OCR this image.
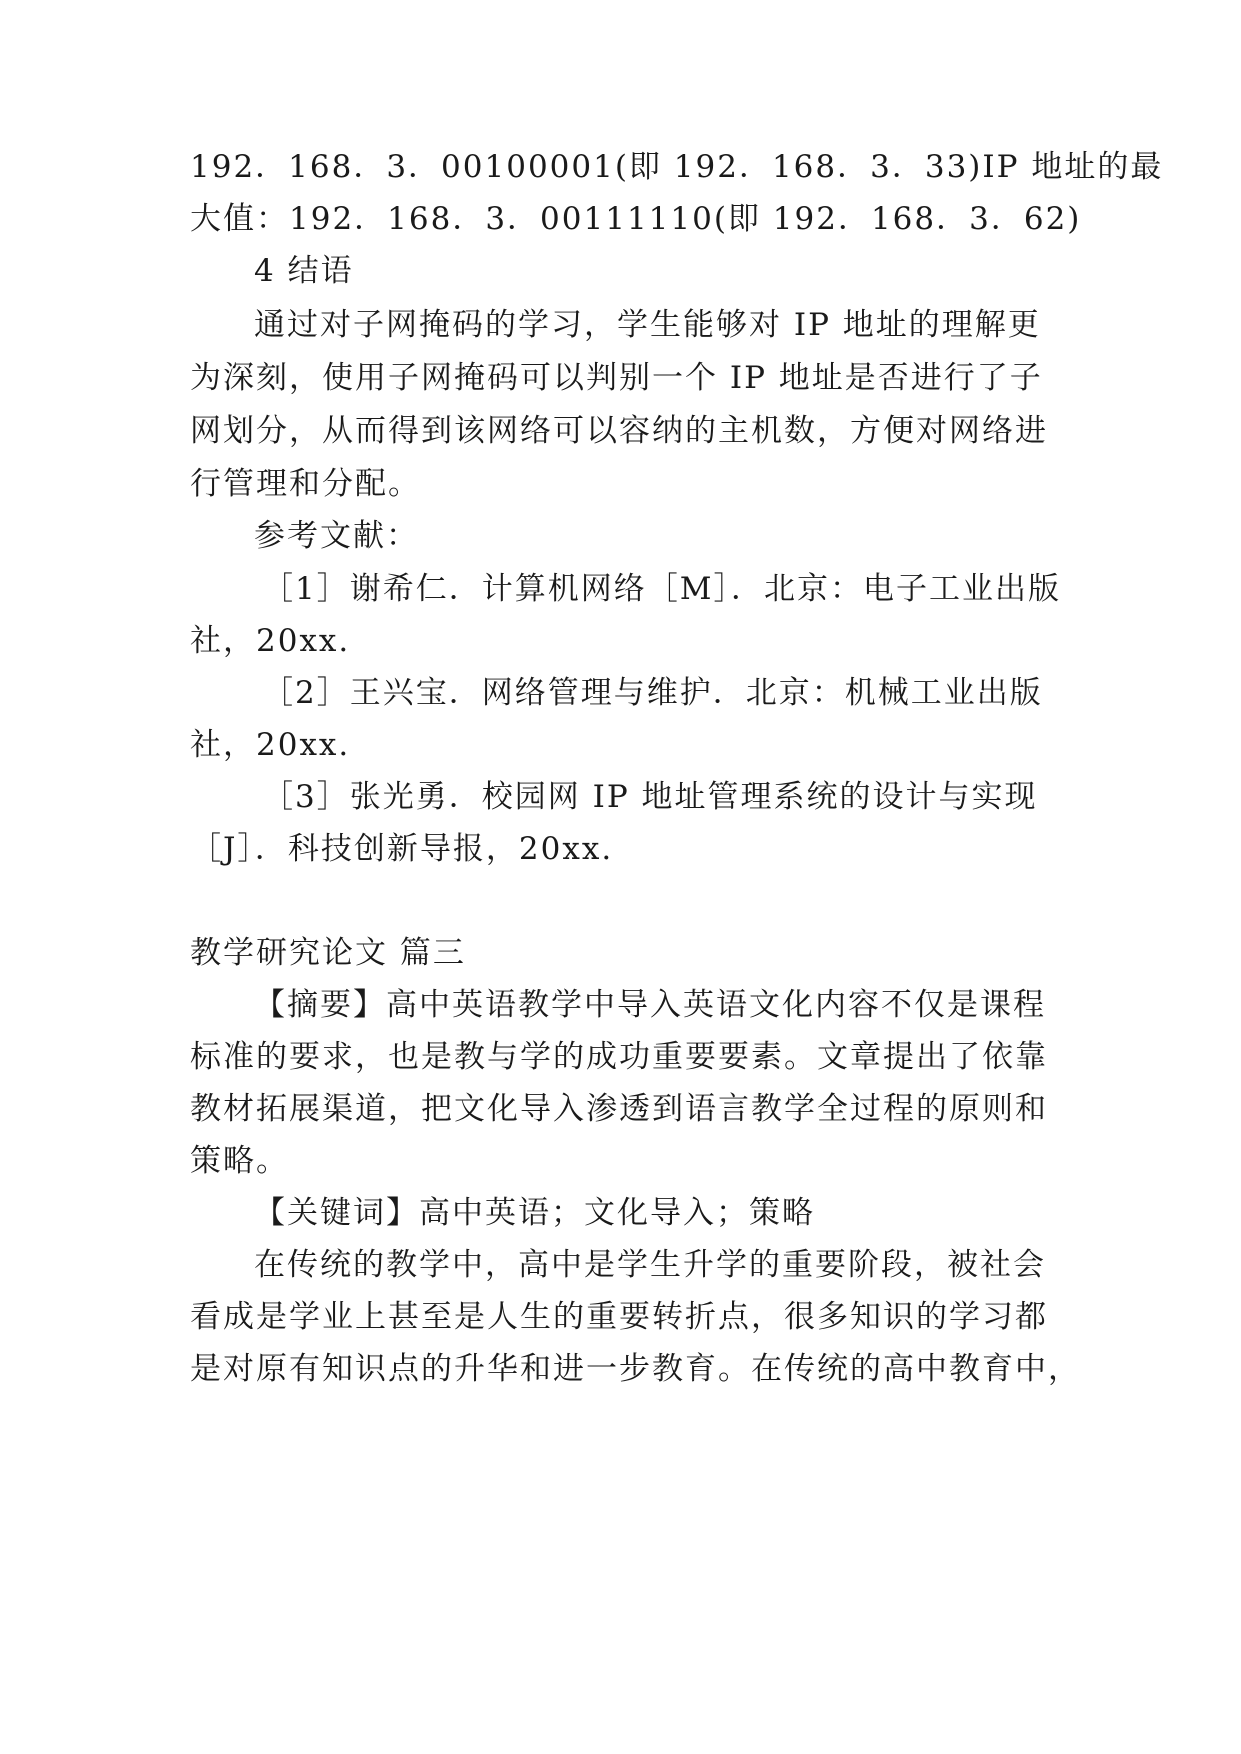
192．168．3．00100001(即 192．168．3．33)IP 地址的最
大值：192．168．3．00111110(即 192．168．3．62)
4 结语
通过对子网掩码的学习，学生能够对 IP 地址的理解更
为深刻，使用子网掩码可以判别一个 IP 地址是否进行了子
网划分，从而得到该网络可以容纳的主机数，方便对网络进
行管理和分配。
参考文献：
［1］谢希仁．计算机网络［M］．北京：电子工业出版
社，20xx.
［2］王兴宝．网络管理与维护．北京：机械工业出版
社，20xx.
［3］张光勇．校园网 IP 地址管理系统的设计与实现
［J］．科技创新导报，20xx.
教学研究论文 篇三
【摘要】高中英语教学中导入英语文化内容不仅是课程
标准的要求，也是教与学的成功重要要素。文章提出了依靠
教材拓展渠道，把文化导入渗透到语言教学全过程的原则和
策略。
【关键词】高中英语；文化导入；策略
在传统的教学中，高中是学生升学的重要阶段，被社会
看成是学业上甚至是人生的重要转折点，很多知识的学习都
是对原有知识点的升华和进一步教育。在传统的高中教育中，
